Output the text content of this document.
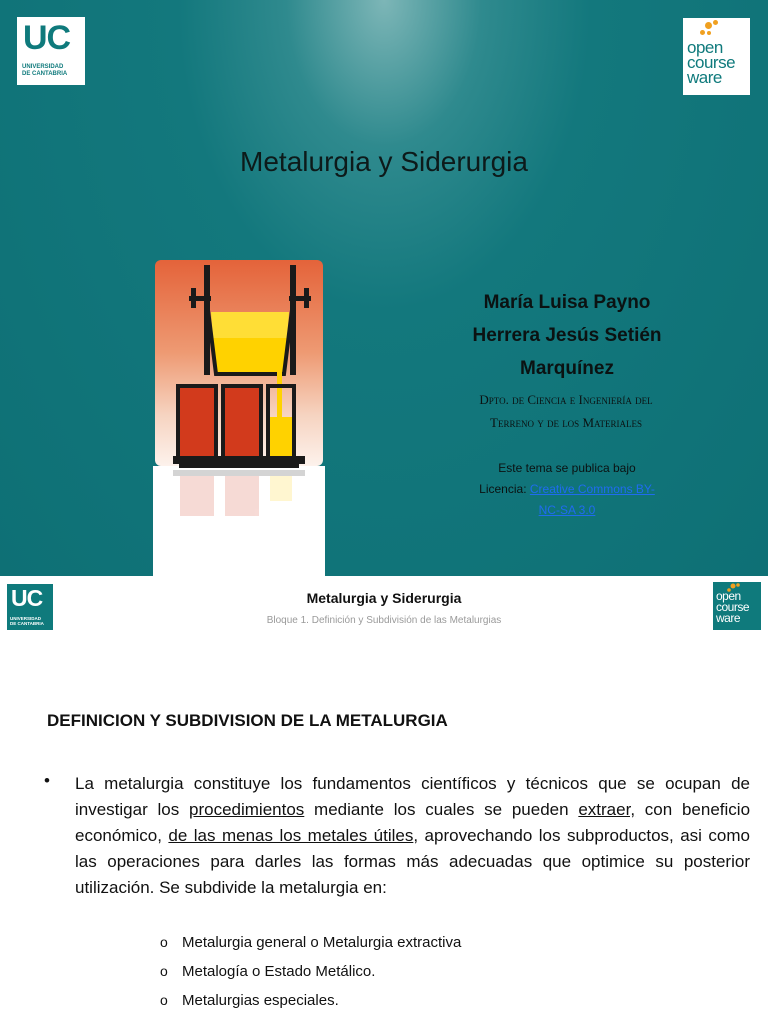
UC
UNIVERSIDAD
DE CANTABRIA
open
course
ware
Metalurgia y Siderurgia
María Luisa Payno
Herrera Jesús Setién
Marquínez
Dpto. de Ciencia e Ingeniería del
Terreno y de los Materiales
Este tema se publica bajo
Licencia: Creative Commons BY-
NC-SA 3.0
UC
UNIVERSIDAD
DE CANTABRIA
open
course
ware
Metalurgia y Siderurgia
Bloque 1. Definición y Subdivisión de las Metalurgias
DEFINICION Y SUBDIVISION DE LA METALURGIA
• La metalurgia constituye los fundamentos científicos y técnicos que se ocupan de investigar los procedimientos mediante los cuales se pueden extraer, con beneficio económico, de las menas los metales útiles, aprovechando los subproductos, asi como las operaciones para darles las formas más adecuadas que optimice su posterior utilización. Se subdivide la metalurgia en:
o Metalurgia general o Metalurgia extractiva
o Metalogía o Estado Metálico.
o Metalurgias especiales.
